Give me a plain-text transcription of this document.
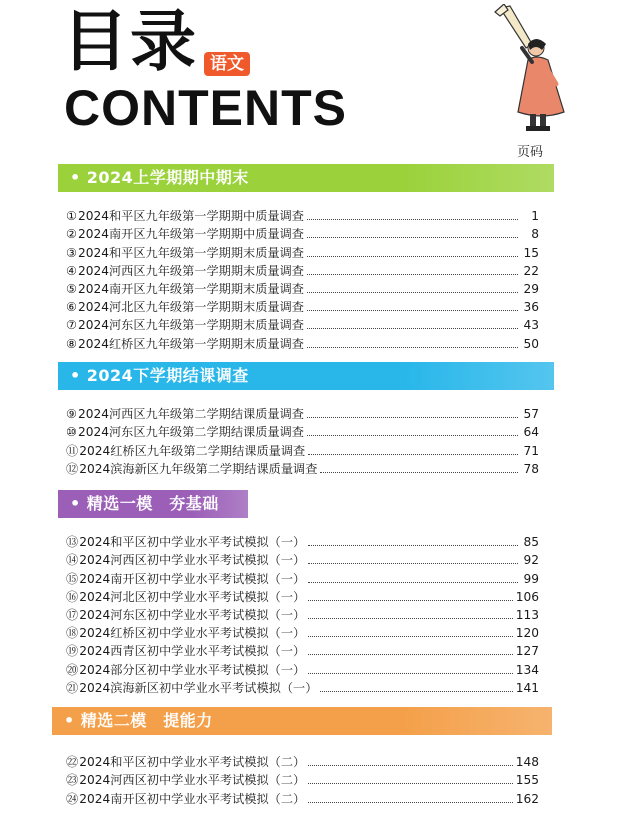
目录 语文
CONTENTS
页码
• 2024上学期期中期末
① 2024和平区九年级第一学期期中质量调查	1
② 2024南开区九年级第一学期期中质量调查	8
③ 2024和平区九年级第一学期期末质量调查	15
④ 2024河西区九年级第一学期期末质量调查	22
⑤ 2024南开区九年级第一学期期末质量调查	29
⑥ 2024河北区九年级第一学期期末质量调查	36
⑦ 2024河东区九年级第一学期期末质量调查	43
⑧ 2024红桥区九年级第一学期期末质量调查	50
• 2024下学期结课调查
⑨ 2024河西区九年级第二学期结课质量调查	57
⑩ 2024河东区九年级第二学期结课质量调查	64
⑪ 2024红桥区九年级第二学期结课质量调查	71
⑫ 2024滨海新区九年级第二学期结课质量调查	78
• 精选一模　夯基础
⑬ 2024和平区初中学业水平考试模拟（一）	85
⑭ 2024河西区初中学业水平考试模拟（一）	92
⑮ 2024南开区初中学业水平考试模拟（一）	99
⑯ 2024河北区初中学业水平考试模拟（一）	106
⑰ 2024河东区初中学业水平考试模拟（一）	113
⑱ 2024红桥区初中学业水平考试模拟（一）	120
⑲ 2024西青区初中学业水平考试模拟（一）	127
⑳ 2024部分区初中学业水平考试模拟（一）	134
㉑ 2024滨海新区初中学业水平考试模拟（一）	141
• 精选二模　提能力
㉒ 2024和平区初中学业水平考试模拟（二）	148
㉓ 2024河西区初中学业水平考试模拟（二）	155
㉔ 2024南开区初中学业水平考试模拟（二）	162
